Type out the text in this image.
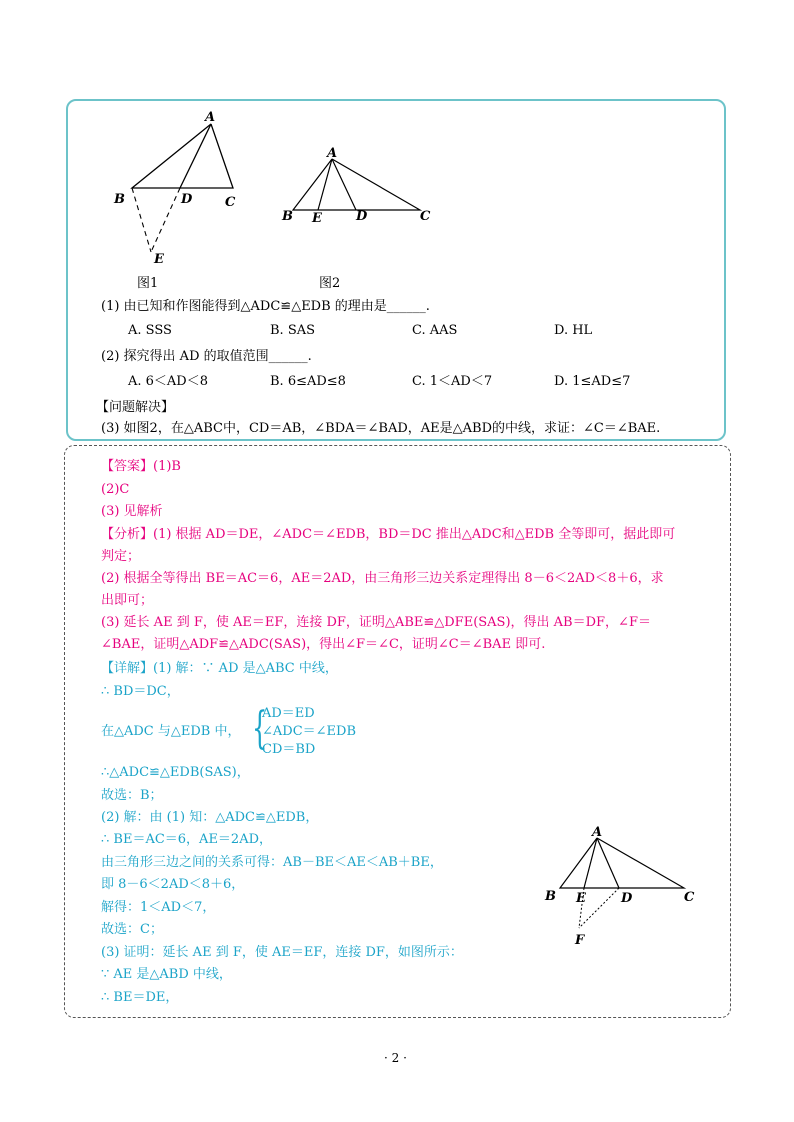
A
B	D	C
E
A
B E	D	C
图1	图2
(1) 由已知和作图能得到△ADC≌△EDB 的理由是______.
A. SSS	B. SAS	C. AAS	D. HL
(2) 探究得出 AD 的取值范围______.
A. 6＜AD＜8	B. 6≤AD≤8	C. 1＜AD＜7	D. 1≤AD≤7
【问题解决】
(3) 如图2，在△ABC中，CD＝AB，∠BDA＝∠BAD，AE是△ABD的中线，求证：∠C＝∠BAE.
【答案】(1)B
(2)C
(3) 见解析
【分析】(1) 根据 AD＝DE，∠ADC＝∠EDB，BD＝DC 推出△ADC和△EDB 全等即可，据此即可
判定；
(2) 根据全等得出 BE＝AC＝6，AE＝2AD，由三角形三边关系定理得出 8－6＜2AD＜8＋6，求
出即可；
(3) 延长 AE 到 F，使 AE＝EF，连接 DF，证明△ABE≌△DFE(SAS)，得出 AB＝DF，∠F＝
∠BAE，证明△ADF≌△ADC(SAS)，得出∠F＝∠C，证明∠C＝∠BAE 即可.
【详解】(1) 解：∵ AD 是△ABC 中线，
∴ BD＝DC，
在△ADC 与△EDB 中， {
AD＝ED
∠ADC＝∠EDB
CD＝BD
∴△ADC≌△EDB(SAS)，
故选：B；
(2) 解：由 (1) 知：△ADC≌△EDB，
∴ BE＝AC＝6，AE＝2AD，
由三角形三边之间的关系可得：AB－BE＜AE＜AB＋BE，
即 8－6＜2AD＜8＋6，
解得：1＜AD＜7，
故选：C；
(3) 证明：延长 AE 到 F，使 AE＝EF，连接 DF，如图所示：
∵ AE 是△ABD 中线，
∴ BE＝DE，
A
B E	D	C
F
· 2 ·
